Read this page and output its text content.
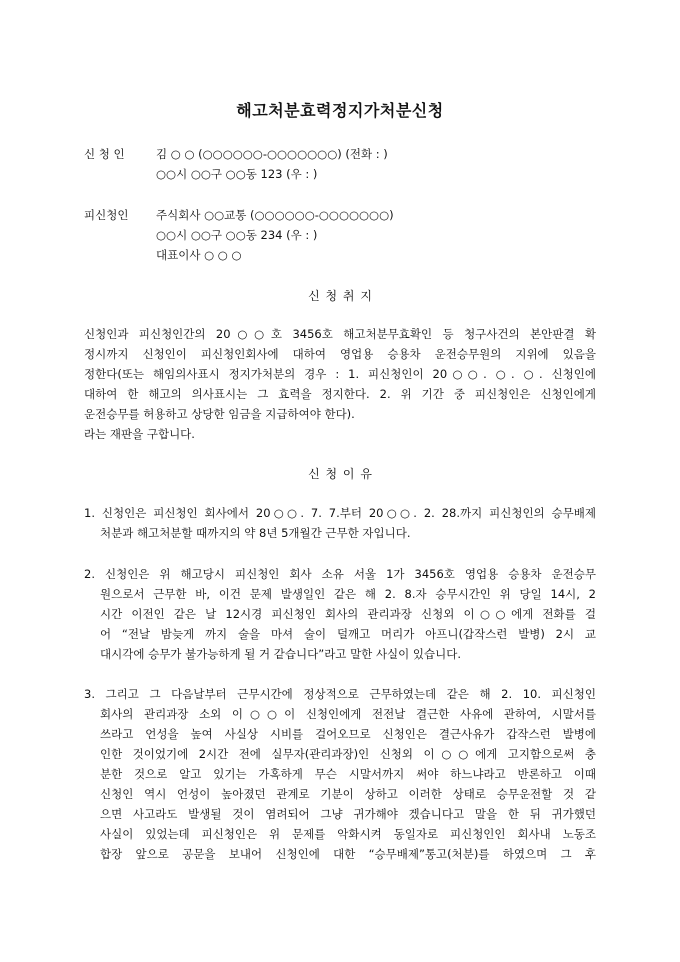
해고처분효력정지가처분신청
신 청 인	김 ○ ○ (○○○○○○-○○○○○○○) (전화 : )
○○시 ○○구 ○○동 123 (우 : )
피신청인 주식회사 ○○교통 (○○○○○○-○○○○○○○)
○○시 ○○구 ○○동 234 (우 : )
대표이사 ○ ○ ○
신 청 취 지
신청인과 피신청인간의 20○○호 3456호 해고처분무효확인 등 청구사건의 본안판결 확
정시까지 신청인이 피신청인회사에 대하여 영업용 승용차 운전승무원의 지위에 있음을
정한다(또는 해임의사표시 정지가처분의 경우 : 1. 피신청인이 20○○. ○. ○. 신청인에
대하여 한 해고의 의사표시는 그 효력을 정지한다. 2. 위 기간 중 피신청인은 신청인에게
운전승무를 허용하고 상당한 임금을 지급하여야 한다).
라는 재판을 구합니다.
신 청 이 유
1. 신청인은 피신청인 회사에서 20○○. 7. 7.부터 20○○. 2. 28.까지 피신청인의 승무배제
처분과 해고처분할 때까지의 약 8년 5개월간 근무한 자입니다.
2. 신청인은 위 해고당시 피신청인 회사 소유 서울 1가 3456호 영업용 승용차 운전승무
원으로서 근무한 바, 이건 문제 발생일인 같은 해 2. 8.자 승무시간인 위 당일 14시, 2
시간 이전인 같은 날 12시경 피신청인 회사의 관리과장 신청외 이○○에게 전화를 걸
어 “전날 밤늦게 까지 술을 마셔 술이 덜깨고 머리가 아프니(갑작스런 발병) 2시 교
대시각에 승무가 불가능하게 될 거 같습니다”라고 말한 사실이 있습니다.
3. 그리고 그 다음날부터 근무시간에 정상적으로 근무하였는데 같은 해 2. 10. 피신청인
회사의 관리과장 소외 이○○이 신청인에게 전전날 결근한 사유에 관하여, 시말서를
쓰라고 언성을 높여 사실상 시비를 걸어오므로 신청인은 결근사유가 갑작스런 발병에
인한 것이었기에 2시간 전에 실무자(관리과장)인 신청외 이○○에게 고지함으로써 충
분한 것으로 알고 있기는 가혹하게 무슨 시말서까지 써야 하느냐라고 반론하고 이때
신청인 역시 언성이 높아졌던 관계로 기분이 상하고 이러한 상태로 승무운전할 것 같
으면 사고라도 발생될 것이 염려되어 그냥 귀가해야 겠습니다고 말을 한 뒤 귀가했던
사실이 있었는데 피신청인은 위 문제를 악화시켜 동일자로 피신청인인 회사내 노동조
합장 앞으로 공문을 보내어 신청인에 대한 “승무배제”통고(처분)를 하였으며 그 후
